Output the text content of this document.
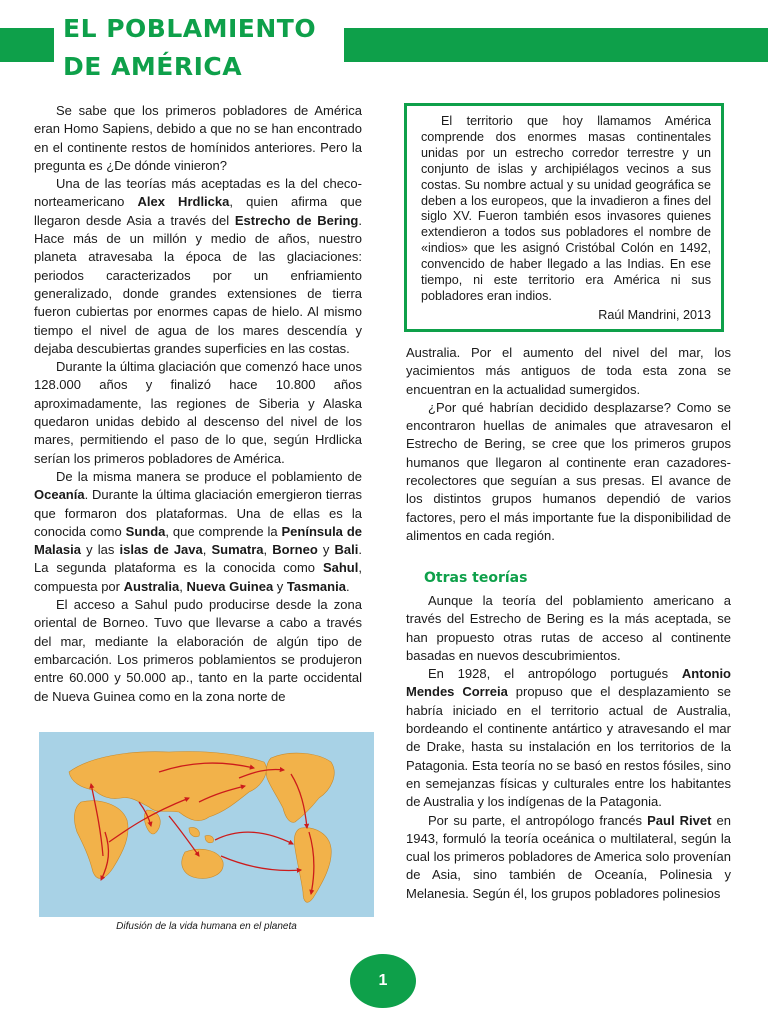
EL POBLAMIENTO
DE AMÉRICA

Se sabe que los primeros pobladores de América eran Homo Sapiens, debido a que no se han encontrado en el continente restos de homínidos anteriores. Pero la pregunta es ¿De dónde vinieron?

Una de las teorías más aceptadas es la del checo-norteamericano Alex Hrdlicka, quien afirma que llegaron desde Asia a través del Estrecho de Bering. Hace más de un millón y medio de años, nuestro planeta atravesaba la época de las glaciaciones: periodos caracterizados por un enfriamiento generalizado, donde grandes extensiones de tierra fueron cubiertas por enormes capas de hielo. Al mismo tiempo el nivel de agua de los mares descendía y dejaba descubiertas grandes superficies en las costas.

Durante la última glaciación que comenzó hace unos 128.000 años y finalizó hace 10.800 años aproximadamente, las regiones de Siberia y Alaska quedaron unidas debido al descenso del nivel de los mares, permitiendo el paso de lo que, según Hrdlicka serían los primeros pobladores de América.

De la misma manera se produce el poblamiento de Oceanía. Durante la última glaciación emergieron tierras que formaron dos plataformas. Una de ellas es la conocida como Sunda, que comprende la Península de Malasia y las islas de Java, Sumatra, Borneo y Bali. La segunda plataforma es la conocida como Sahul, compuesta por Australia, Nueva Guinea y Tasmania.

El acceso a Sahul pudo producirse desde la zona oriental de Borneo. Tuvo que llevarse a cabo a través del mar, mediante la elaboración de algún tipo de embarcación. Los primeros poblamientos se produjeron entre 60.000 y 50.000 ap., tanto en la parte occidental de Nueva Guinea como en la zona norte de

El territorio que hoy llamamos América comprende dos enormes masas continentales unidas por un estrecho corredor terrestre y un conjunto de islas y archipiélagos vecinos a sus costas. Su nombre actual y su unidad geográfica se deben a los europeos, que la invadieron a fines del siglo XV. Fueron también esos invasores quienes extendieron a todos sus pobladores el nombre de «indios» que les asignó Cristóbal Colón en 1492, convencido de haber llegado a las Indias. En ese tiempo, ni este territorio era América ni sus pobladores eran indios.

Raúl Mandrini, 2013

Australia. Por el aumento del nivel del mar, los yacimientos más antiguos de toda esta zona se encuentran en la actualidad sumergidos.

¿Por qué habrían decidido desplazarse? Como se encontraron huellas de animales que atravesaron el Estrecho de Bering, se cree que los primeros grupos humanos que llegaron al continente eran cazadores-recolectores que seguían a sus presas. El avance de los distintos grupos humanos dependió de varios factores, pero el más importante fue la disponibilidad de alimentos en cada región.

Otras teorías

Aunque la teoría del poblamiento americano a través del Estrecho de Bering es la más aceptada, se han propuesto otras rutas de acceso al continente basadas en nuevos descubrimientos.

En 1928, el antropólogo portugués Antonio Mendes Correia propuso que el desplazamiento se habría iniciado en el territorio actual de Australia, bordeando el continente antártico y atravesando el mar de Drake, hasta su instalación en los territorios de la Patagonia. Esta teoría no se basó en restos fósiles, sino en semejanzas físicas y culturales entre los habitantes de Australia y los indígenas de la Patagonia.

Por su parte, el antropólogo francés Paul Rivet en 1943, formuló la teoría oceánica o multilateral, según la cual los primeros pobladores de America solo provenían de Asia, sino también de Oceanía, Polinesia y Melanesia. Según él, los grupos pobladores polinesios

Difusión de la vida humana en el planeta

1
